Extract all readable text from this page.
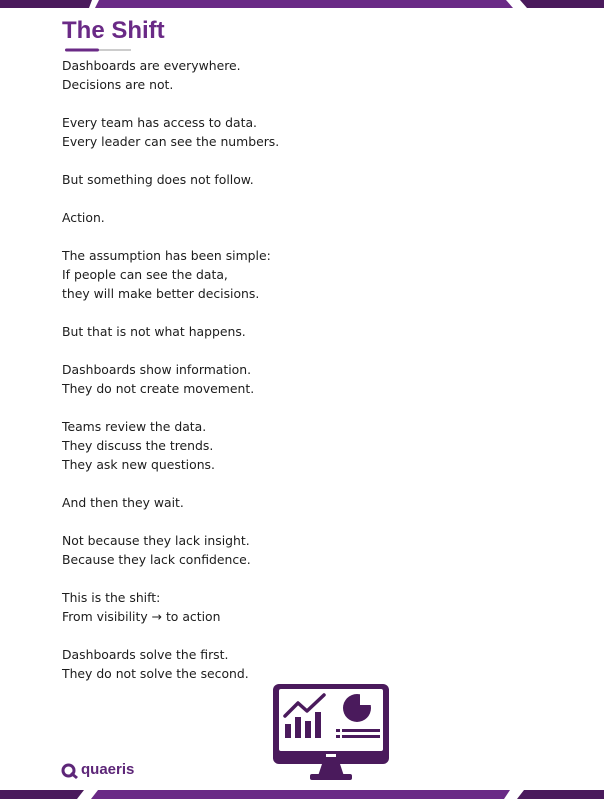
The Shift

Dashboards are everywhere.
Decisions are not.

Every team has access to data.
Every leader can see the numbers.

But something does not follow.

Action.

The assumption has been simple:
If people can see the data,
they will make better decisions.

But that is not what happens.

Dashboards show information.
They do not create movement.

Teams review the data.
They discuss the trends.
They ask new questions.

And then they wait.

Not because they lack insight.
Because they lack confidence.

This is the shift:
From visibility → to action

Dashboards solve the first.
They do not solve the second.

quaeris
